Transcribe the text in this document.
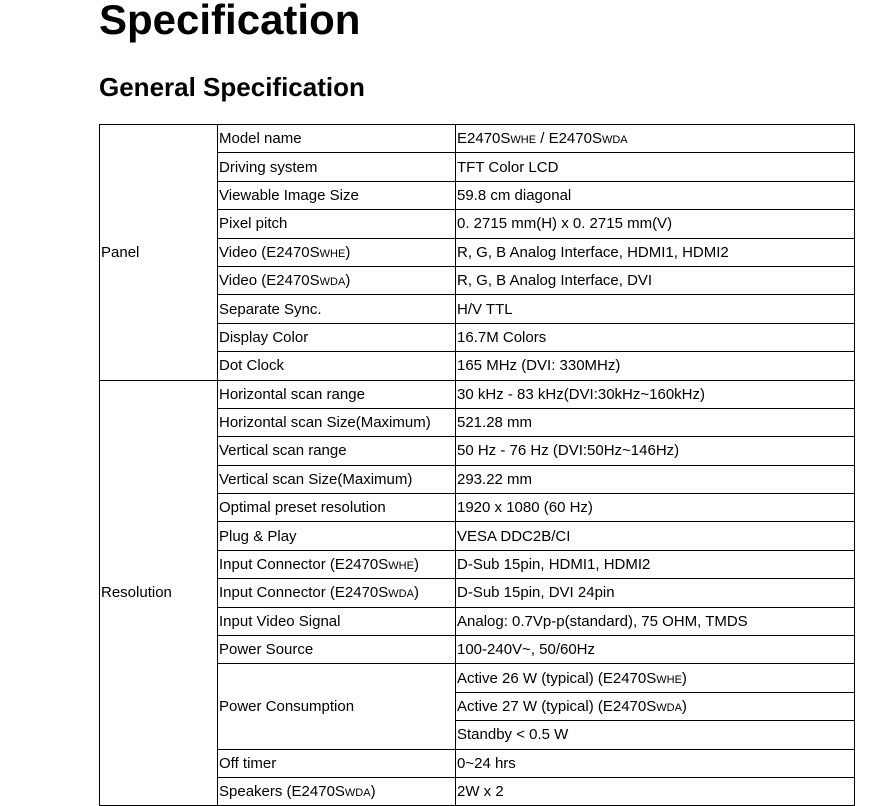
Specification
General Specification
Panel	Model name	E2470SWHE / E2470SWDA
	Driving system	TFT Color LCD
	Viewable Image Size	59.8 cm diagonal
	Pixel pitch	0. 2715 mm(H) x 0. 2715 mm(V)
	Video (E2470SWHE)	R, G, B Analog Interface, HDMI1, HDMI2
	Video (E2470SWDA)	R, G, B Analog Interface, DVI
	Separate Sync.	H/V TTL
	Display Color	16.7M Colors
	Dot Clock	165 MHz (DVI: 330MHz)
Resolution	Horizontal scan range	30 kHz - 83 kHz(DVI:30kHz~160kHz)
	Horizontal scan Size(Maximum)	521.28 mm
	Vertical scan range	50 Hz - 76 Hz (DVI:50Hz~146Hz)
	Vertical scan Size(Maximum)	293.22 mm
	Optimal preset resolution	1920 x 1080 (60 Hz)
	Plug & Play	VESA DDC2B/CI
	Input Connector (E2470SWHE)	D-Sub 15pin, HDMI1, HDMI2
	Input Connector (E2470SWDA)	D-Sub 15pin, DVI 24pin
	Input Video Signal	Analog: 0.7Vp-p(standard), 75 OHM, TMDS
	Power Source	100-240V~, 50/60Hz
	Power Consumption	Active 26 W (typical) (E2470SWHE)
		Active 27 W (typical) (E2470SWDA)
		Standby < 0.5 W
	Off timer	0~24 hrs
	Speakers (E2470SWDA)	2W x 2
